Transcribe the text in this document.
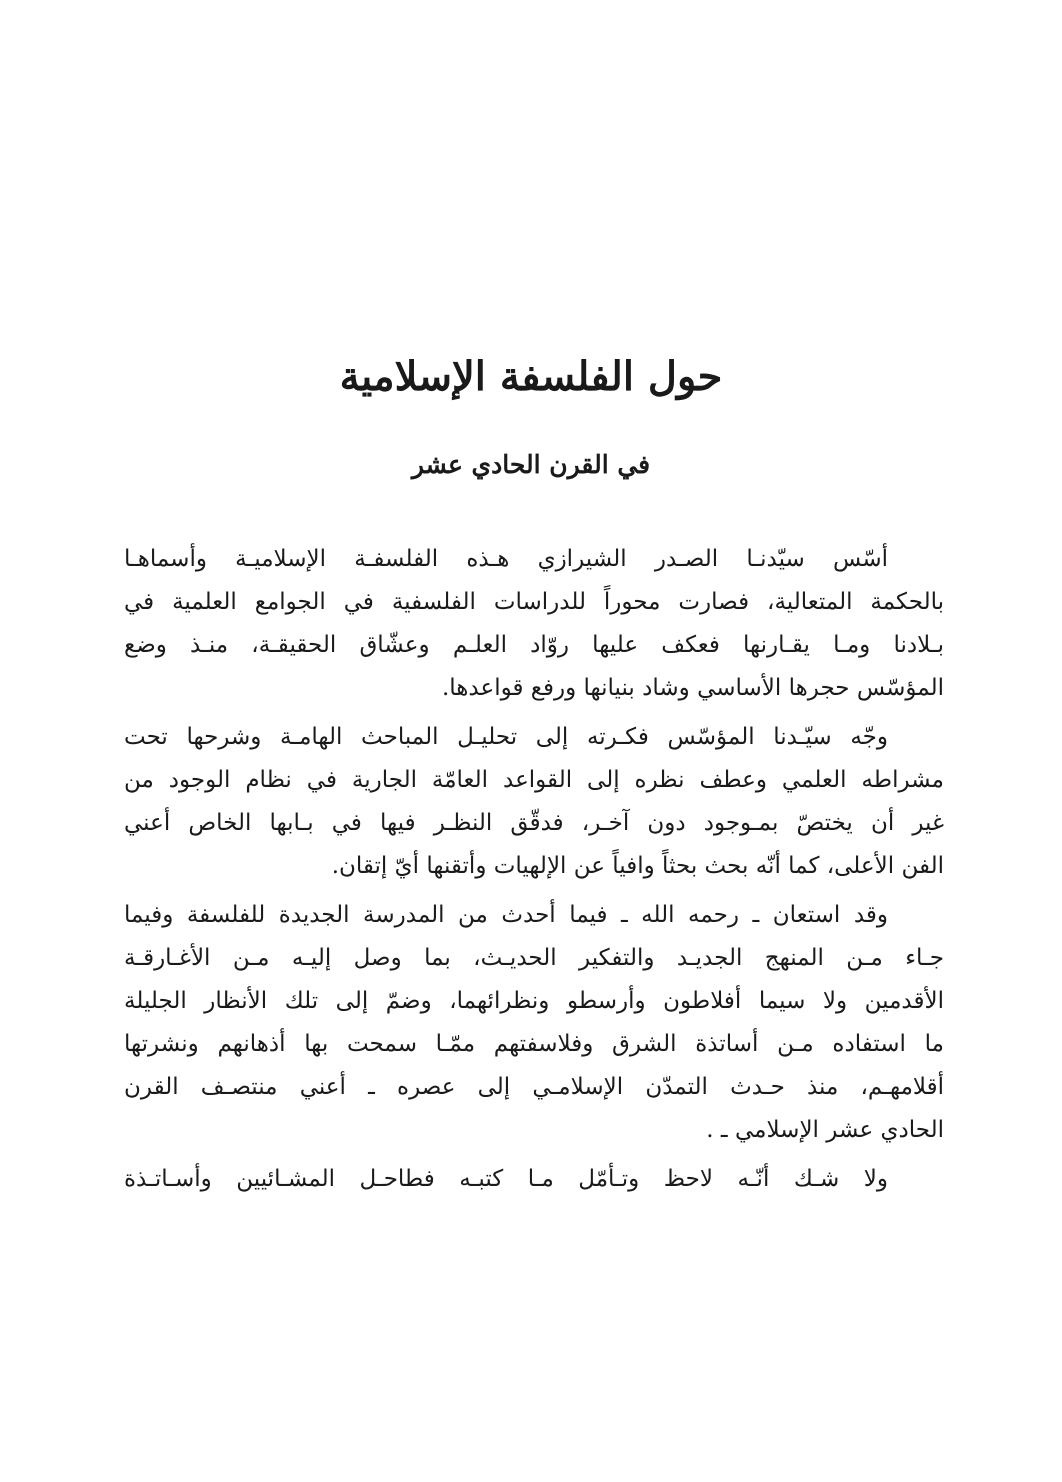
حول الفلسفة الإسلامية
في القرن الحادي عشر

أسّس سيّدنـا الصـدر الشيرازي هـذه الفلسفـة الإسلاميـة وأسماهـا
بالحكمة المتعالية، فصارت محوراً للدراسات الفلسفية في الجوامع العلمية في
بـلادنا ومـا يقـارنها فعكف عليها روّاد العلـم وعشّاق الحقيقـة، منـذ وضع
المؤسّس حجرها الأساسي وشاد بنيانها ورفع قواعدها.

وجّه سيّـدنا المؤسّس فكـرته إلى تحليـل المباحث الهامـة وشرحها تحت
مشراطه العلمي وعطف نظره إلى القواعد العامّة الجارية في نظام الوجود من
غير أن يختصّ بمـوجود دون آخـر، فدقّق النظـر فيها في بـابها الخاص أعني
الفن الأعلى، كما أنّه بحث بحثاً وافياً عن الإلهيات وأتقنها أيّ إتقان.

وقد استعان ـ رحمه الله ـ فيما أحدث من المدرسة الجديدة للفلسفة وفيما
جـاء مـن المنهج الجديـد والتفكير الحديـث، بما وصل إليـه مـن الأغـارقـة
الأقدمين ولا سيما أفلاطون وأرسطو ونظرائهما، وضمّ إلى تلك الأنظار الجليلة
ما استفاده مـن أساتذة الشرق وفلاسفتهم ممّـا سمحت بها أذهانهم ونشرتها
أقلامهـم، منذ حـدث التمدّن الإسلامـي إلى عصره ـ أعني منتصـف القرن
الحادي عشر الإسلامي ـ .

ولا شـك أنّـه لاحظ وتـأمّل مـا كتبـه فطاحـل المشـائيين وأسـاتـذة
